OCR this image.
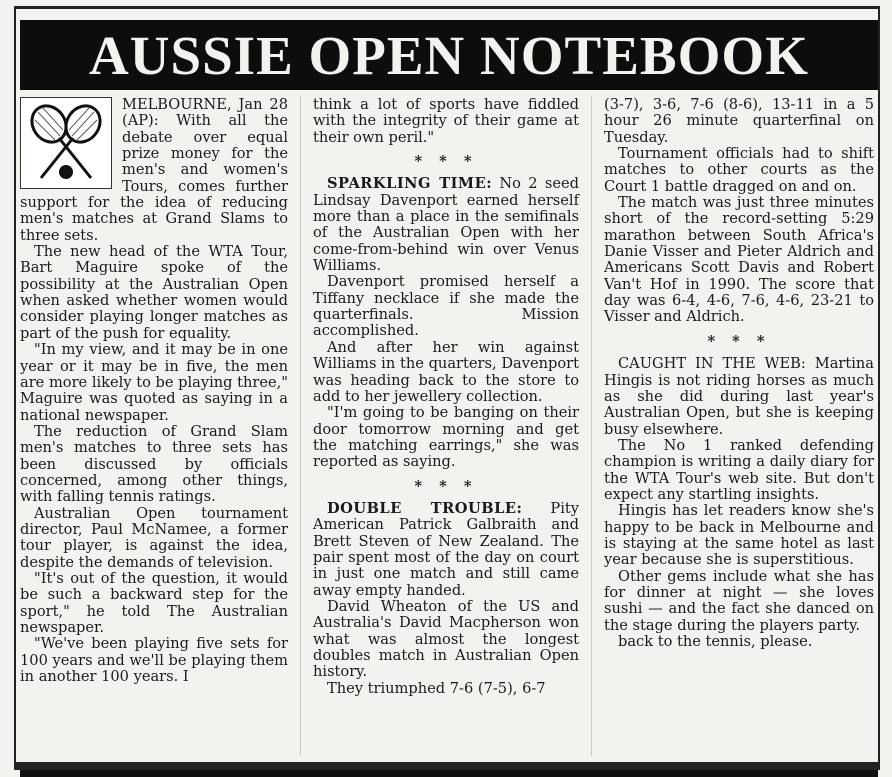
AUSSIE OPEN NOTEBOOK

MELBOURNE, Jan 28 (AP): With all the debate over equal prize money for the men's and women's Tours, comes further support for the idea of reducing men's matches at Grand Slams to three sets.

The new head of the WTA Tour, Bart Maguire spoke of the possibility at the Australian Open when asked whether women would consider playing longer matches as part of the push for equality.

"In my view, and it may be in one year or it may be in five, the men are more likely to be playing three," Maguire was quoted as saying in a national newspaper.

The reduction of Grand Slam men's matches to three sets has been discussed by officials concerned, among other things, with falling tennis ratings.

Australian Open tournament director, Paul McNamee, a former tour player, is against the idea, despite the demands of television.

"It's out of the question, it would be such a backward step for the sport," he told The Australian newspaper.

"We've been playing five sets for 100 years and we'll be playing them in another 100 years. I

think a lot of sports have fiddled with the integrity of their game at their own peril."

* * *

SPARKLING TIME: No 2 seed Lindsay Davenport earned herself more than a place in the semifinals of the Australian Open with her come-from-behind win over Venus Williams.

Davenport promised herself a Tiffany necklace if she made the quarterfinals. Mission accomplished.

And after her win against Williams in the quarters, Davenport was heading back to the store to add to her jewellery collection.

"I'm going to be banging on their door tomorrow morning and get the matching earrings," she was reported as saying.

* * *

DOUBLE TROUBLE: Pity American Patrick Galbraith and Brett Steven of New Zealand. The pair spent most of the day on court in just one match and still came away empty handed.

David Wheaton of the US and Australia's David Macpherson won what was almost the longest doubles match in Australian Open history.

They triumphed 7-6 (7-5), 6-7

(3-7), 3-6, 7-6 (8-6), 13-11 in a 5 hour 26 minute quarterfinal on Tuesday.

Tournament officials had to shift matches to other courts as the Court 1 battle dragged on and on.

The match was just three minutes short of the record-setting 5:29 marathon between South Africa's Danie Visser and Pieter Aldrich and Americans Scott Davis and Robert Van't Hof in 1990. The score that day was 6-4, 4-6, 7-6, 4-6, 23-21 to Visser and Aldrich.

* * *

CAUGHT IN THE WEB: Martina Hingis is not riding horses as much as she did during last year's Australian Open, but she is keeping busy elsewhere.

The No 1 ranked defending champion is writing a daily diary for the WTA Tour's web site. But don't expect any startling insights.

Hingis has let readers know she's happy to be back in Melbourne and is staying at the same hotel as last year because she is superstitious.

Other gems include what she has for dinner at night — she loves sushi — and the fact she danced on the stage during the players party.

back to the tennis, please.
